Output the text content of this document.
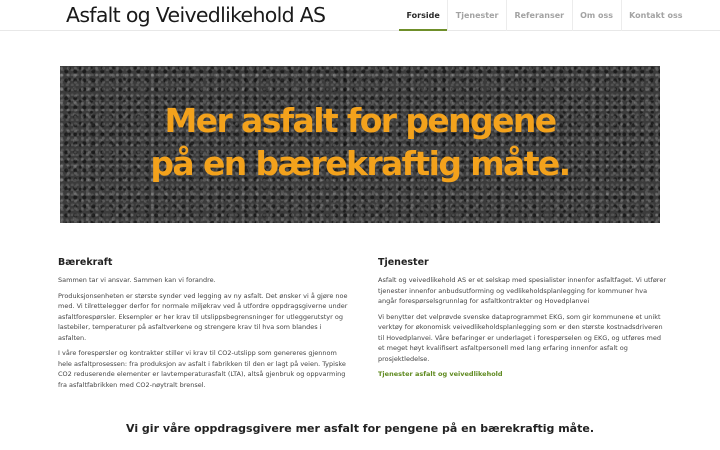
Asfalt og Veivedlikehold AS	Forside	Tjenester	Referanser	Om oss	Kontakt oss
Mer asfalt for pengene
på en bærekraftig måte.
Bærekraft

Sammen tar vi ansvar. Sammen kan vi forandre.

Produksjonsenheten er største synder ved legging av ny asfalt. Det ønsker vi å gjøre noe med. Vi tilrettelegger derfor for normale miljøkrav ved å utfordre oppdragsgiverne under asfaltforespørsler. Eksempler er her krav til utslippsbegrensninger for utleggerutstyr og lastebiler, temperaturer på asfaltverkene og strengere krav til hva som blandes i asfalten.

I våre forespørsler og kontrakter stiller vi krav til CO2-utslipp som genereres gjennom hele asfaltprosessen: fra produksjon av asfalt i fabrikken til den er lagt på veien. Typiske CO2 reduserende elementer er lavtemperaturasfalt (LTA), altså gjenbruk og oppvarming fra asfaltfabrikken med CO2-nøytralt brensel.

Tjenester

Asfalt og veivedlikehold AS er et selskap med spesialister innenfor asfaltfaget. Vi utfører tjenester innenfor anbudsutforming og vedlikeholdsplanlegging for kommuner hva angår forespørselsgrunnlag for asfaltkontrakter og Hovedplanvei

Vi benytter det velprøvde svenske dataprogrammet EKG, som gir kommunene et unikt verktøy for økonomisk veivedlikeholdsplanlegging som er den største kostnadsdriveren til Hovedplanvei. Våre befaringer er underlaget i forespørselen og EKG, og utføres med et meget høyt kvalifisert asfaltpersonell med lang erfaring innenfor asfalt og prosjektledelse.

Tjenester asfalt og veivedlikehold
Vi gir våre oppdragsgivere mer asfalt for pengene på en bærekraftig måte.
